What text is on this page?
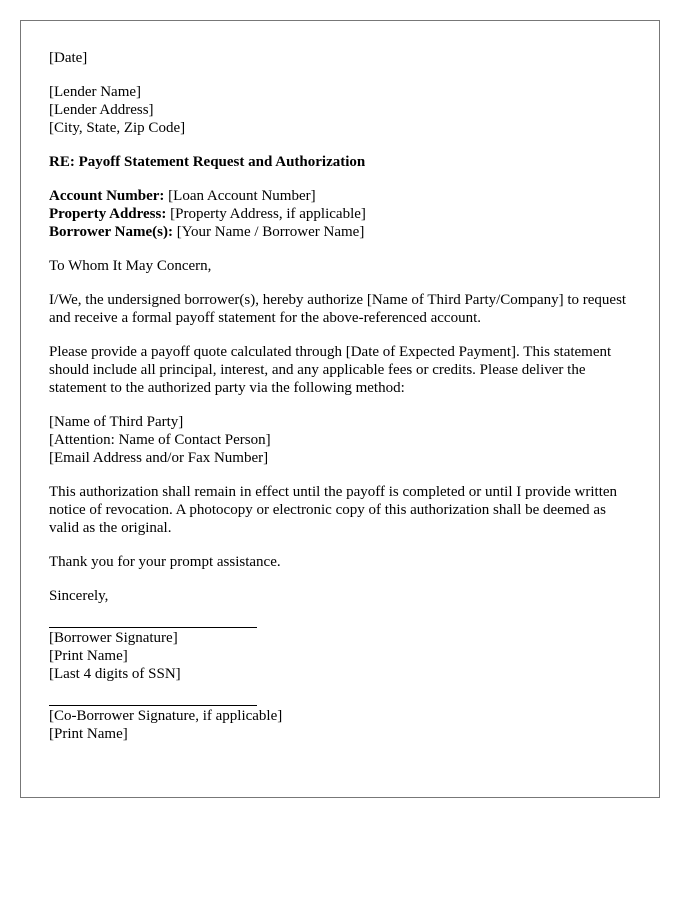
[Date]
[Lender Name]
[Lender Address]
[City, State, Zip Code]
RE: Payoff Statement Request and Authorization
Account Number: [Loan Account Number]
Property Address: [Property Address, if applicable]
Borrower Name(s): [Your Name / Borrower Name]
To Whom It May Concern,

I/We, the undersigned borrower(s), hereby authorize [Name of Third Party/Company] to request and receive a formal payoff statement for the above-referenced account.

Please provide a payoff quote calculated through [Date of Expected Payment]. This statement should include all principal, interest, and any applicable fees or credits. Please deliver the statement to the authorized party via the following method:

[Name of Third Party]
[Attention: Name of Contact Person]
[Email Address and/or Fax Number]

This authorization shall remain in effect until the payoff is completed or until I provide written notice of revocation. A photocopy or electronic copy of this authorization shall be deemed as valid as the original.

Thank you for your prompt assistance.
Sincerely,
[Borrower Signature]
[Print Name]
[Last 4 digits of SSN]
[Co-Borrower Signature, if applicable]
[Print Name]
